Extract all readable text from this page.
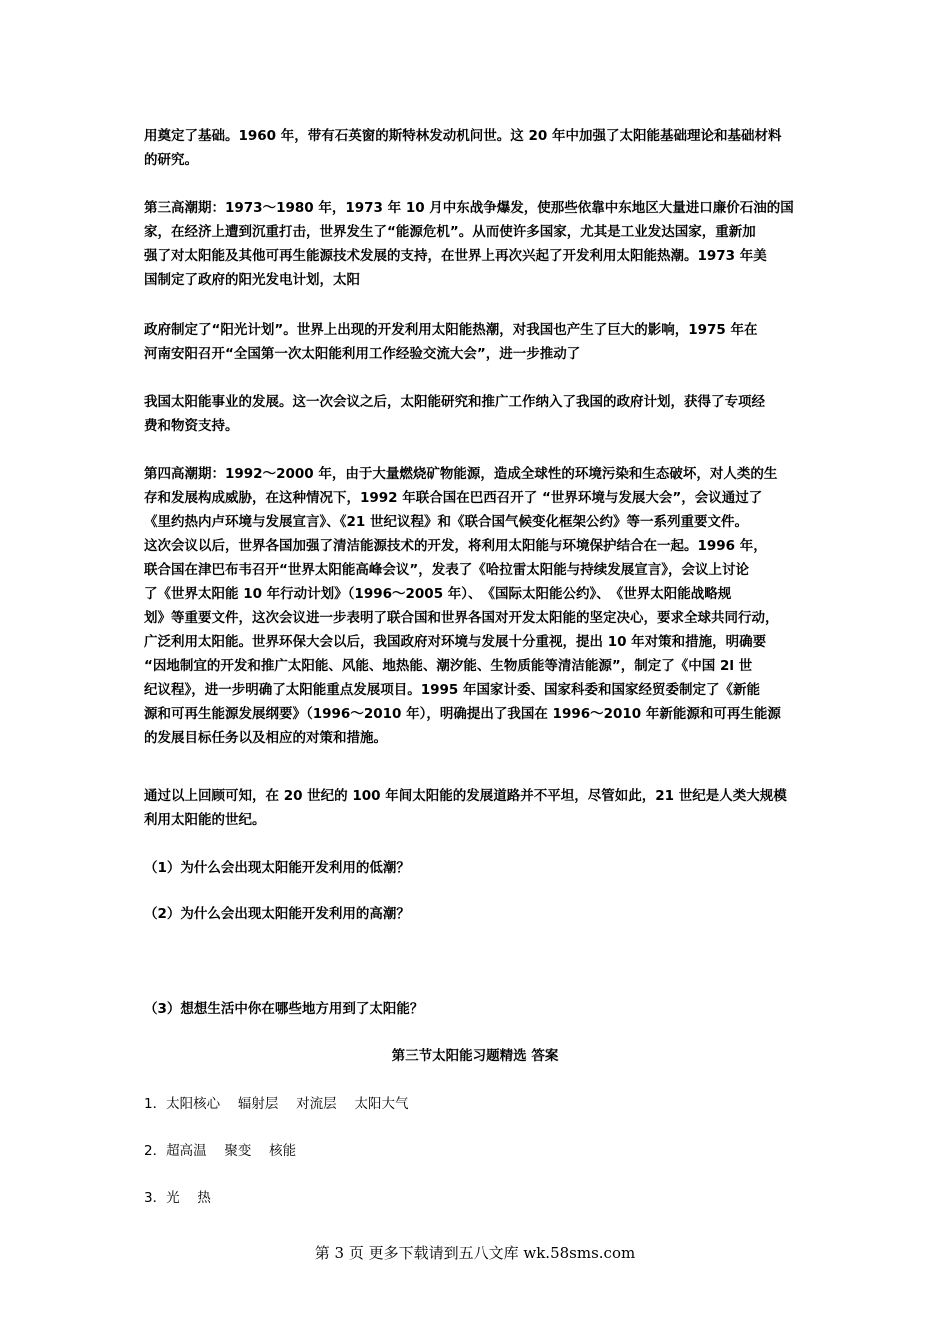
用奠定了基础。1960 年，带有石英窗的斯特林发动机问世。这 20 年中加强了太阳能基础理论和基础材料
的研究。
第三高潮期：1973～1980 年，1973 年 10 月中东战争爆发，使那些依靠中东地区大量进口廉价石油的国
家，在经济上遭到沉重打击，世界发生了“能源危机”。从而使许多国家，尤其是工业发达国家，重新加
强了对太阳能及其他可再生能源技术发展的支持，在世界上再次兴起了开发利用太阳能热潮。1973 年美
国制定了政府的阳光发电计划，太阳
政府制定了“阳光计划”。世界上出现的开发利用太阳能热潮，对我国也产生了巨大的影响，1975 年在
河南安阳召开“全国第一次太阳能利用工作经验交流大会”，进一步推动了
我国太阳能事业的发展。这一次会议之后，太阳能研究和推广工作纳入了我国的政府计划，获得了专项经
费和物资支持。
第四高潮期：1992～2000 年，由于大量燃烧矿物能源，造成全球性的环境污染和生态破坏，对人类的生
存和发展构成威胁，在这种情况下，1992 年联合国在巴西召开了 “世界环境与发展大会”，会议通过了
《里约热内卢环境与发展宣言》、《21 世纪议程》和《联合国气候变化框架公约》等一系列重要文件。
这次会议以后，世界各国加强了清洁能源技术的开发，将利用太阳能与环境保护结合在一起。1996 年，
联合国在津巴布韦召开“世界太阳能高峰会议”，发表了《哈拉雷太阳能与持续发展宣言》，会议上讨论
了《世界太阳能 10 年行动计划》（1996～2005 年）、　《国际太阳能公约》、　《世界太阳能战略规
划》等重要文件，这次会议进一步表明了联合国和世界各国对开发太阳能的坚定决心，要求全球共同行动，
广泛利用太阳能。世界环保大会以后，我国政府对环境与发展十分重视，提出 10 年对策和措施，明确要
“因地制宜的开发和推广太阳能、风能、地热能、潮汐能、生物质能等清洁能源”，制定了《中国 2l 世
纪议程》，进一步明确了太阳能重点发展项目。1995 年国家计委、国家科委和国家经贸委制定了《新能
源和可再生能源发展纲要》（1996～2010 年），明确提出了我国在 1996～2010 年新能源和可再生能源
的发展目标任务以及相应的对策和措施。
通过以上回顾可知，在 20 世纪的 100 年间太阳能的发展道路并不平坦，尽管如此，21 世纪是人类大规模
利用太阳能的世纪。

（1）为什么会出现太阳能开发利用的低潮？

（2）为什么会出现太阳能开发利用的高潮？

（3）想想生活中你在哪些地方用到了太阳能？

第三节太阳能习题精选 答案

1．太阳核心　 辐射层　 对流层　 太阳大气

2．超高温　 聚变　 核能

3．光　 热

第 3 页 更多下载请到五八文库 wk.58sms.com
